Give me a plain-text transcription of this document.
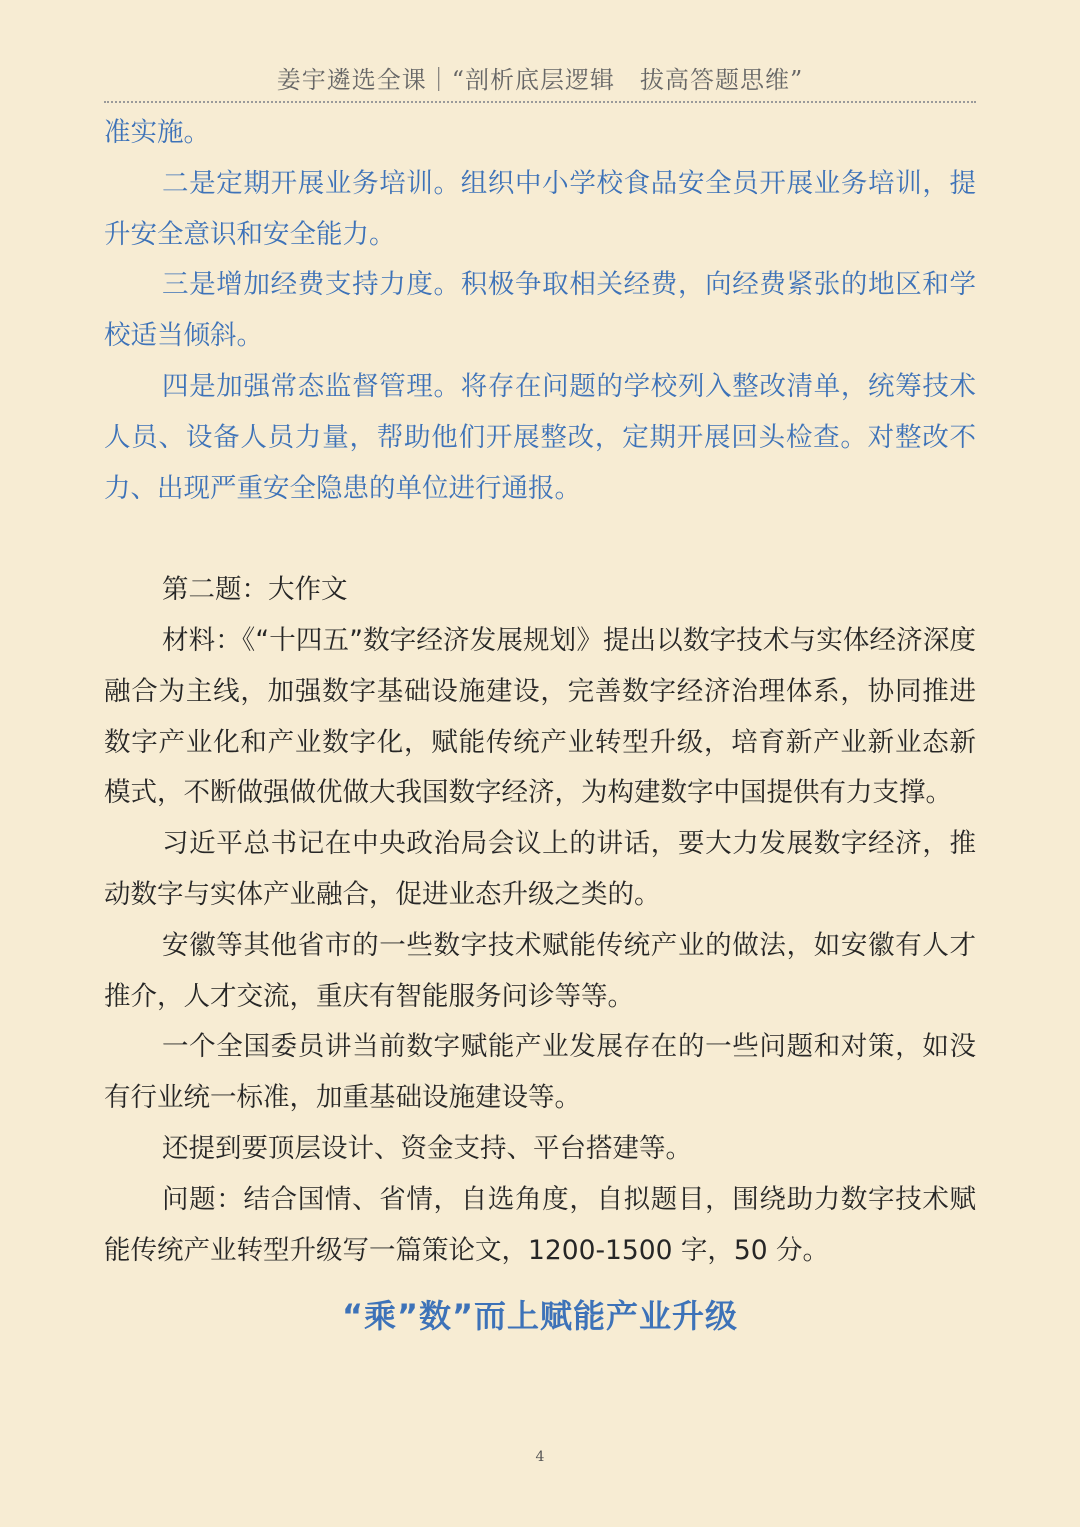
姜宇遴选全课｜“剖析底层逻辑　拔高答题思维”

准实施。

二是定期开展业务培训。组织中小学校食品安全员开展业务培训，提升安全意识和安全能力。

三是增加经费支持力度。积极争取相关经费，向经费紧张的地区和学校适当倾斜。

四是加强常态监督管理。将存在问题的学校列入整改清单，统筹技术人员、设备人员力量，帮助他们开展整改，定期开展回头检查。对整改不力、出现严重安全隐患的单位进行通报。

第二题：大作文

材料：《“十四五”数字经济发展规划》提出以数字技术与实体经济深度融合为主线，加强数字基础设施建设，完善数字经济治理体系，协同推进数字产业化和产业数字化，赋能传统产业转型升级，培育新产业新业态新模式，不断做强做优做大我国数字经济，为构建数字中国提供有力支撑。

习近平总书记在中央政治局会议上的讲话，要大力发展数字经济，推动数字与实体产业融合，促进业态升级之类的。

安徽等其他省市的一些数字技术赋能传统产业的做法，如安徽有人才推介，人才交流，重庆有智能服务问诊等等。

一个全国委员讲当前数字赋能产业发展存在的一些问题和对策，如没有行业统一标准，加重基础设施建设等。

还提到要顶层设计、资金支持、平台搭建等。

问题：结合国情、省情，自选角度，自拟题目，围绕助力数字技术赋能传统产业转型升级写一篇策论文，1200-1500 字，50 分。

“乘”数”而上赋能产业升级

4
